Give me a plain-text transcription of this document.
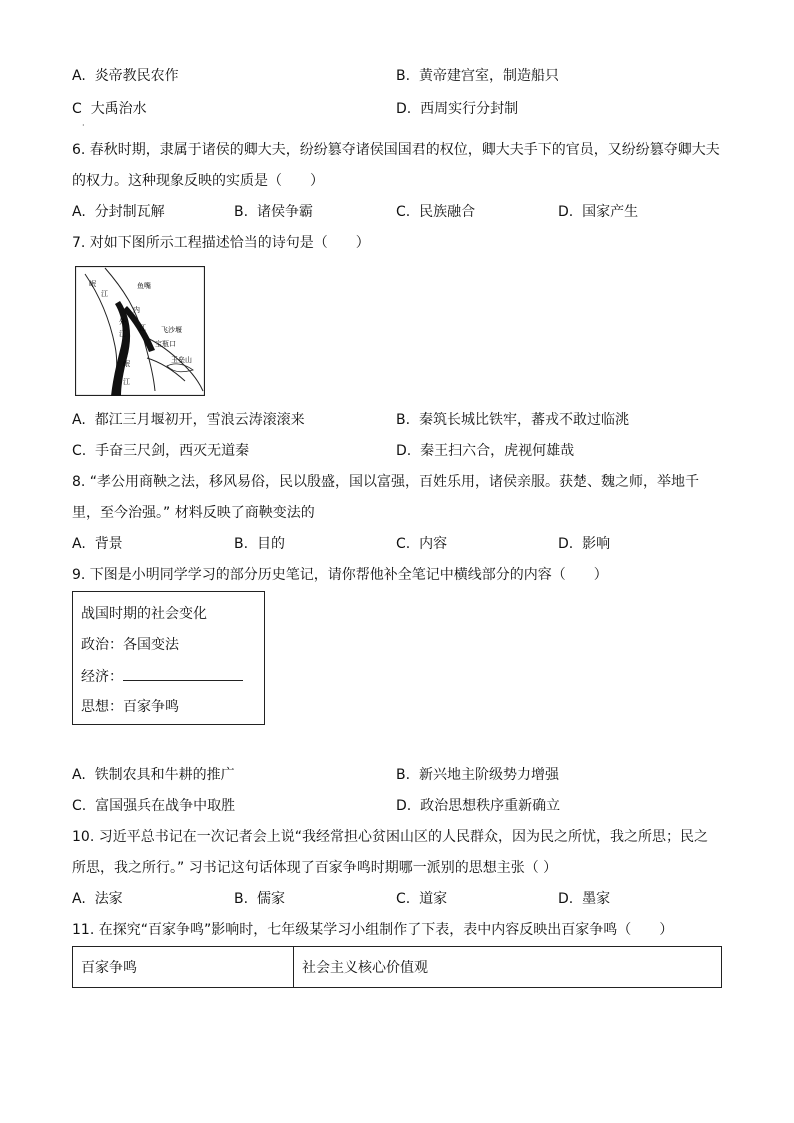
A. 炎帝教民农作	B. 黄帝建宫室，制造船只
C 大禹治水	D. 西周实行分封制
·
6. 春秋时期，隶属于诸侯的卿大夫，纷纷篡夺诸侯国国君的权位，卿大夫手下的官员，又纷纷篡夺卿大夫
的权力。这种现象反映的实质是（　　）
A. 分封制瓦解	B. 诸侯争霸	C. 民族融合	D. 国家产生
7. 对如下图所示工程描述恰当的诗句是（　　）
岷
江
鱼嘴
内
外
江
江	飞沙堰
宝瓶口
玉垒山
岷
江
A. 都江三月堰初开，雪浪云涛滚滚来	B. 秦筑长城比铁牢，蕃戎不敢过临洮
C. 手奋三尺剑，西灭无道秦	D. 秦王扫六合，虎视何雄哉
8. “孝公用商鞅之法，移风易俗，民以殷盛，国以富强，百姓乐用，诸侯亲服。获楚、魏之师，举地千
里，至今治强。” 材料反映了商鞅变法的
A. 背景	B. 目的	C. 内容	D. 影响
9. 下图是小明同学学习的部分历史笔记，请你帮他补全笔记中横线部分的内容（　　）
战国时期的社会变化
政治：各国变法
经济：
思想：百家争鸣
A. 铁制农具和牛耕的推广	B. 新兴地主阶级势力增强
C. 富国强兵在战争中取胜	D. 政治思想秩序重新确立
10. 习近平总书记在一次记者会上说“我经常担心贫困山区的人民群众，因为民之所忧，我之所思；民之
所思，我之所行。” 习书记这句话体现了百家争鸣时期哪一派别的思想主张（ ）
A. 法家	B. 儒家	C. 道家	D. 墨家
11. 在探究“百家争鸣”影响时，七年级某学习小组制作了下表，表中内容反映出百家争鸣（　　）
百家争鸣	社会主义核心价值观
